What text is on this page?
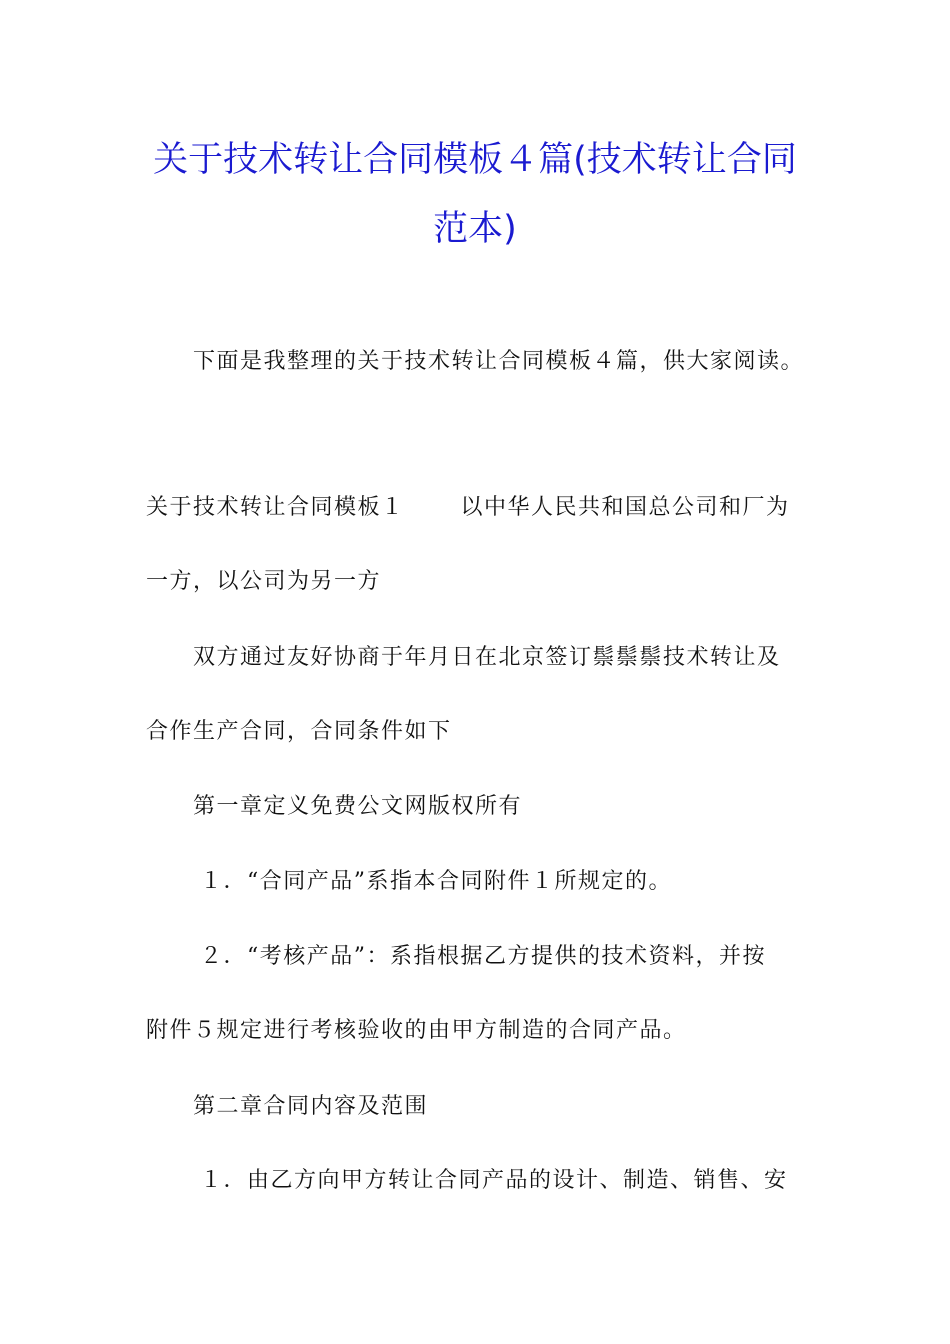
关于技术转让合同模板４篇(技术转让合同
范本)
下面是我整理的关于技术转让合同模板４篇，供大家阅读。
关于技术转让合同模板１	以中华人民共和国总公司和厂为
一方，以公司为另一方
双方通过友好协商于年月日在北京签订鬃鬃鬃技术转让及
合作生产合同，合同条件如下
第一章定义免费公文网版权所有
１．“合同产品”系指本合同附件１所规定的。
２．“考核产品”：系指根据乙方提供的技术资料，并按
附件５规定进行考核验收的由甲方制造的合同产品。
第二章合同内容及范围
１．由乙方向甲方转让合同产品的设计、制造、销售、安
